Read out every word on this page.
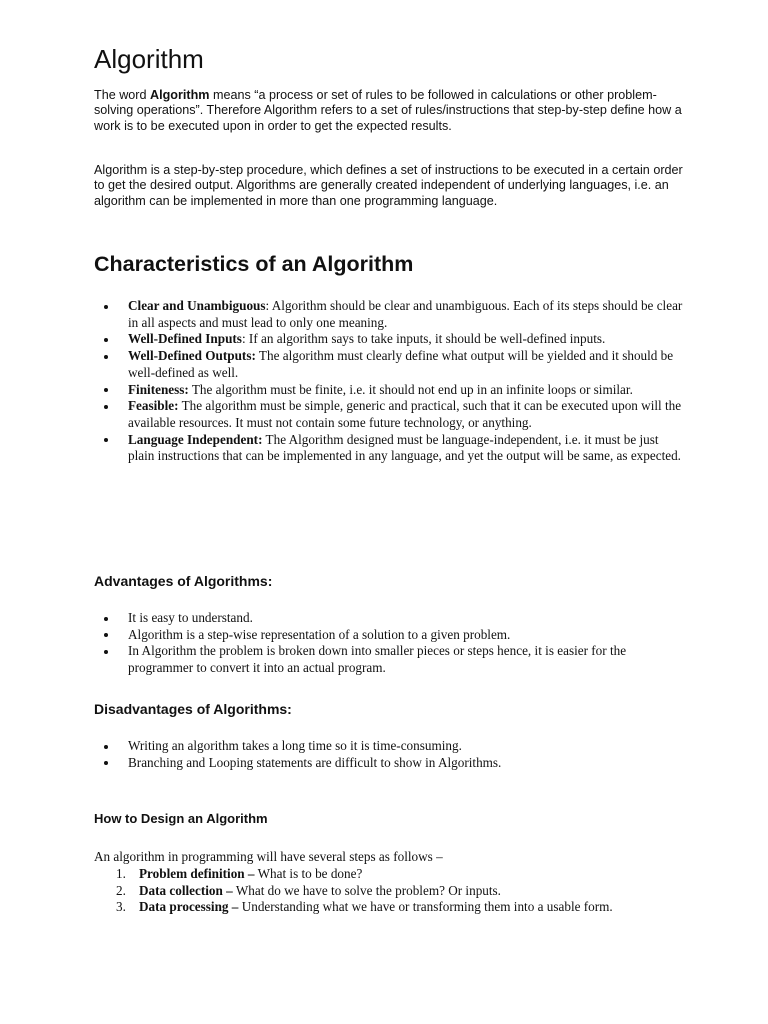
Algorithm

The word Algorithm means “a process or set of rules to be followed in calculations or other problem-solving operations”. Therefore Algorithm refers to a set of rules/instructions that step-by-step define how a work is to be executed upon in order to get the expected results.

Algorithm is a step-by-step procedure, which defines a set of instructions to be executed in a certain order to get the desired output. Algorithms are generally created independent of underlying languages, i.e. an algorithm can be implemented in more than one programming language.

Characteristics of an Algorithm
Clear and Unambiguous: Algorithm should be clear and unambiguous. Each of its steps should be clear in all aspects and must lead to only one meaning.
Well-Defined Inputs: If an algorithm says to take inputs, it should be well-defined inputs.
Well-Defined Outputs: The algorithm must clearly define what output will be yielded and it should be well-defined as well.
Finiteness: The algorithm must be finite, i.e. it should not end up in an infinite loops or similar.
Feasible: The algorithm must be simple, generic and practical, such that it can be executed upon will the available resources. It must not contain some future technology, or anything.
Language Independent: The Algorithm designed must be language-independent, i.e. it must be just plain instructions that can be implemented in any language, and yet the output will be same, as expected.
Advantages of Algorithms:
It is easy to understand.
Algorithm is a step-wise representation of a solution to a given problem.
In Algorithm the problem is broken down into smaller pieces or steps hence, it is easier for the programmer to convert it into an actual program.
Disadvantages of Algorithms:
Writing an algorithm takes a long time so it is time-consuming.
Branching and Looping statements are difficult to show in Algorithms.
How to Design an Algorithm

An algorithm in programming will have several steps as follows –

1. Problem definition – What is to be done?
2. Data collection – What do we have to solve the problem? Or inputs.
3. Data processing – Understanding what we have or transforming them into a usable form.
